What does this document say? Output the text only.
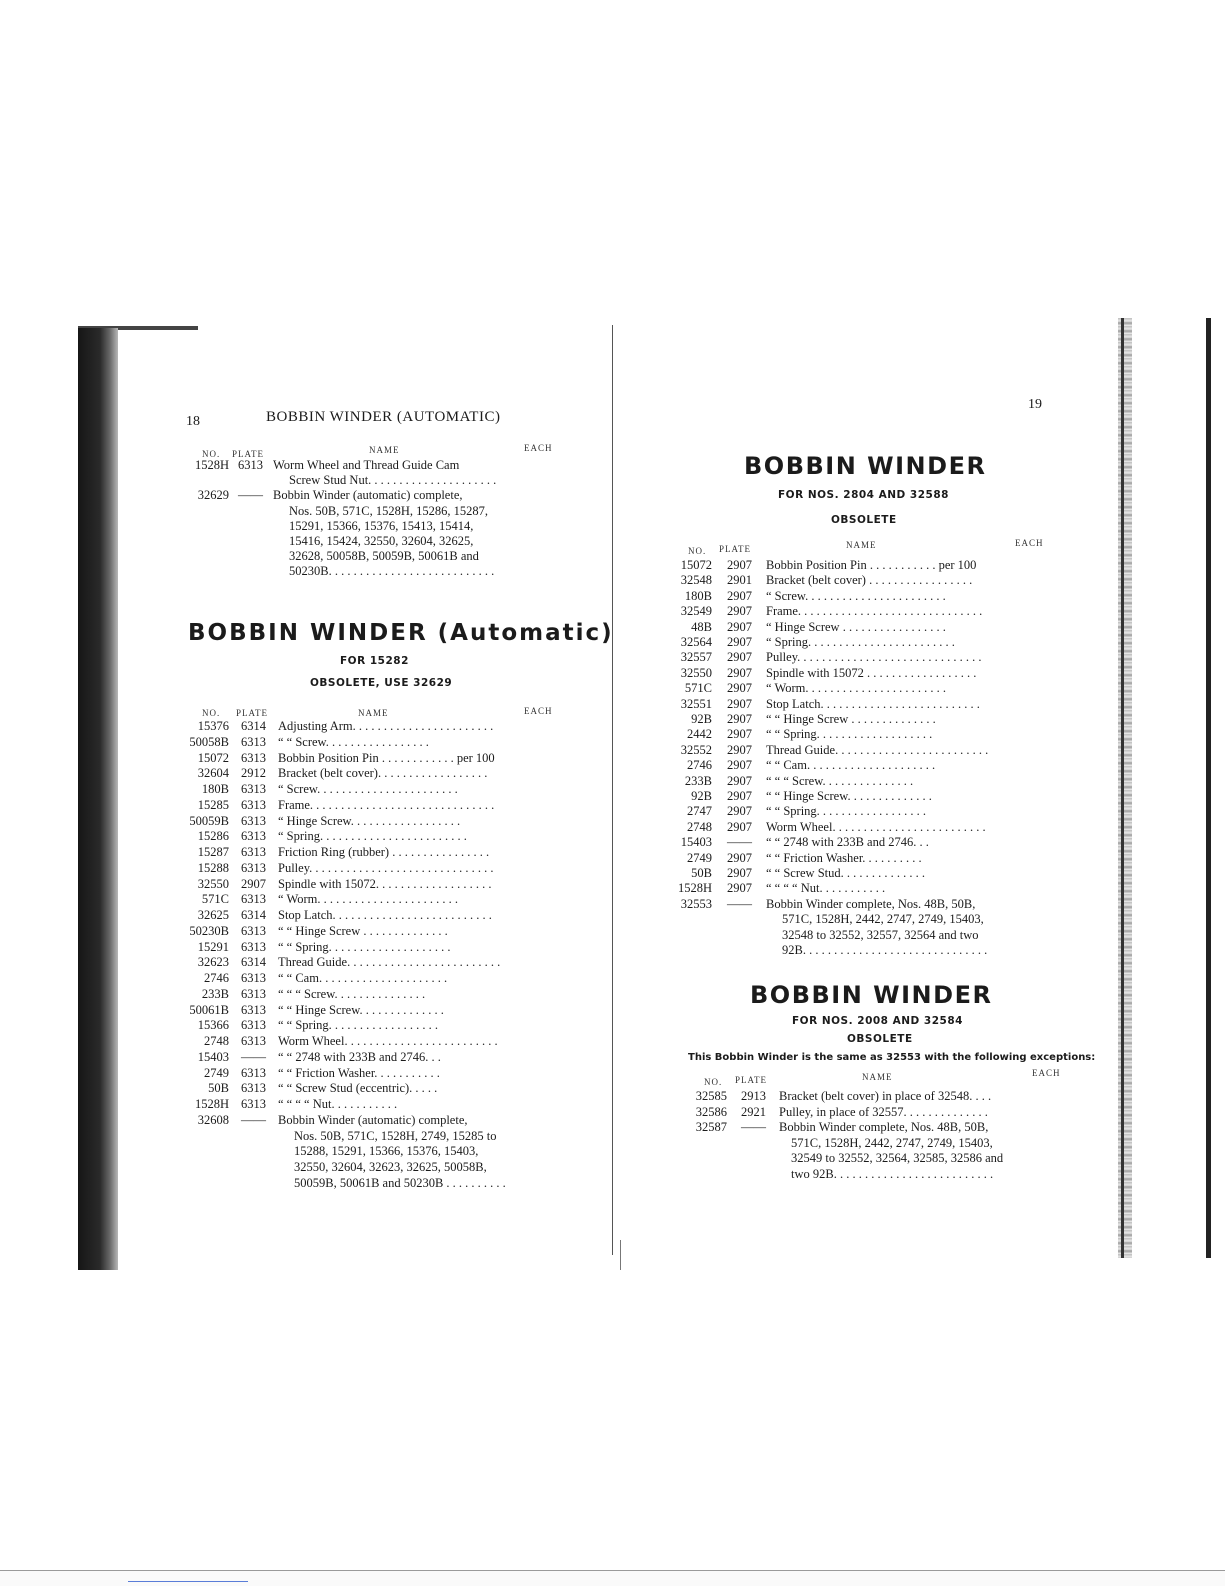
18	BOBBIN WINDER (AUTOMATIC)
NO. PLATE	NAME	EACH
1528H 6313 Worm Wheel and Thread Guide Cam
Screw Stud Nut. . . . . . . . . . . . . . . . . . . . .
32629 —— Bobbin Winder (automatic) complete,
Nos. 50B, 571C, 1528H, 15286, 15287,
15291, 15366, 15376, 15413, 15414,
15416, 15424, 32550, 32604, 32625,
32628, 50058B, 50059B, 50061B and
50230B. . . . . . . . . . . . . . . . . . . . . . . . . . .
BOBBIN WINDER (Automatic)
FOR 15282
OBSOLETE, USE 32629
NO. PLATE	NAME	EACH
15376 6314 Adjusting Arm. . . . . . . . . . . . . . . . . . . . . . .
50058B 6313 “ “ Screw. . . . . . . . . . . . . . . . .
15072 6313 Bobbin Position Pin . . . . . . . . . . . . per 100
32604 2912 Bracket (belt cover). . . . . . . . . . . . . . . . . .
180B 6313 “ Screw. . . . . . . . . . . . . . . . . . . . . . .
15285 6313 Frame. . . . . . . . . . . . . . . . . . . . . . . . . . . . . .
50059B 6313 “ Hinge Screw. . . . . . . . . . . . . . . . . .
15286 6313 “ Spring. . . . . . . . . . . . . . . . . . . . . . . .
15287 6313 Friction Ring (rubber) . . . . . . . . . . . . . . . .
15288 6313 Pulley. . . . . . . . . . . . . . . . . . . . . . . . . . . . . .
32550 2907 Spindle with 15072. . . . . . . . . . . . . . . . . . .
571C 6313 “ Worm. . . . . . . . . . . . . . . . . . . . . . .
32625 6314 Stop Latch. . . . . . . . . . . . . . . . . . . . . . . . . .
50230B 6313 “ “ Hinge Screw . . . . . . . . . . . . . .
15291 6313 “ “ Spring. . . . . . . . . . . . . . . . . . . .
32623 6314 Thread Guide. . . . . . . . . . . . . . . . . . . . . . . . .
2746 6313 “ “ Cam. . . . . . . . . . . . . . . . . . . . .
233B 6313 “ “ “ Screw. . . . . . . . . . . . . . .
50061B 6313 “ “ Hinge Screw. . . . . . . . . . . . . .
15366 6313 “ “ Spring. . . . . . . . . . . . . . . . . .
2748 6313 Worm Wheel. . . . . . . . . . . . . . . . . . . . . . . . .
15403 —— “ “ 2748 with 233B and 2746. . .
2749 6313 “ “ Friction Washer. . . . . . . . . . .
50B 6313 “ “ Screw Stud (eccentric). . . . .
1528H 6313 “ “ “ “ Nut. . . . . . . . . . .
32608 —— Bobbin Winder (automatic) complete,
Nos. 50B, 571C, 1528H, 2749, 15285 to
15288, 15291, 15366, 15376, 15403,
32550, 32604, 32623, 32625, 50058B,
50059B, 50061B and 50230B . . . . . . . . . .
19
BOBBIN WINDER
FOR NOS. 2804 AND 32588
OBSOLETE
NO. PLATE	NAME	EACH
15072	2907 Bobbin Position Pin . . . . . . . . . . . per 100
32548	2901 Bracket (belt cover) . . . . . . . . . . . . . . . . .
180B	2907 “ Screw. . . . . . . . . . . . . . . . . . . . . . .
32549	2907 Frame. . . . . . . . . . . . . . . . . . . . . . . . . . . . . .
48B	2907 “ Hinge Screw . . . . . . . . . . . . . . . . .
32564	2907 “ Spring. . . . . . . . . . . . . . . . . . . . . . . .
32557	2907 Pulley. . . . . . . . . . . . . . . . . . . . . . . . . . . . . .
32550	2907 Spindle with 15072 . . . . . . . . . . . . . . . . . .
571C	2907 “ Worm. . . . . . . . . . . . . . . . . . . . . . .
32551	2907 Stop Latch. . . . . . . . . . . . . . . . . . . . . . . . . .
92B	2907 “ “ Hinge Screw . . . . . . . . . . . . . .
2442	2907 “ “ Spring. . . . . . . . . . . . . . . . . . .
32552	2907 Thread Guide. . . . . . . . . . . . . . . . . . . . . . . . .
2746	2907 “ “ Cam. . . . . . . . . . . . . . . . . . . . .
233B	2907 “ “ “ Screw. . . . . . . . . . . . . . .
92B	2907 “ “ Hinge Screw. . . . . . . . . . . . . .
2747	2907 “ “ Spring. . . . . . . . . . . . . . . . . .
2748	2907 Worm Wheel. . . . . . . . . . . . . . . . . . . . . . . . .
15403	—— “ “ 2748 with 233B and 2746. . .
2749	2907 “ “ Friction Washer. . . . . . . . . .
50B	2907 “ “ Screw Stud. . . . . . . . . . . . . .
1528H	2907 “ “ “ “ Nut. . . . . . . . . . .
32553	—— Bobbin Winder complete, Nos. 48B, 50B,
571C, 1528H, 2442, 2747, 2749, 15403,
32548 to 32552, 32557, 32564 and two
92B. . . . . . . . . . . . . . . . . . . . . . . . . . . . . .
BOBBIN WINDER
FOR NOS. 2008 AND 32584
OBSOLETE
This Bobbin Winder is the same as 32553 with the following exceptions:
NO. PLATE	NAME	EACH
32585	2913 Bracket (belt cover) in place of 32548. . . .
32586	2921 Pulley, in place of 32557. . . . . . . . . . . . . .
32587	—— Bobbin Winder complete, Nos. 48B, 50B,
571C, 1528H, 2442, 2747, 2749, 15403,
32549 to 32552, 32564, 32585, 32586 and
two 92B. . . . . . . . . . . . . . . . . . . . . . . . . .
